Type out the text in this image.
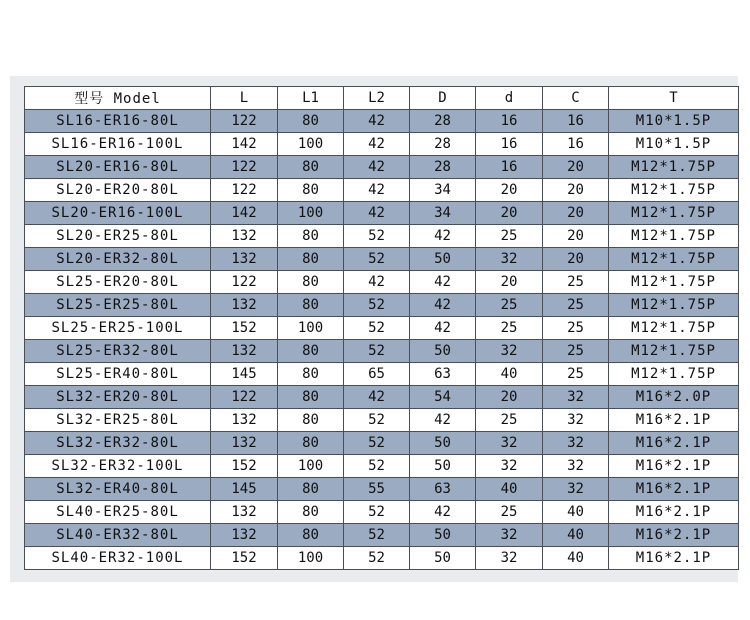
型号 Model	L	L1	L2	D	d	C	T
SL16-ER16-80L	122	80	42	28	16	16	M10*1.5P
SL16-ER16-100L	142	100	42	28	16	16	M10*1.5P
SL20-ER16-80L	122	80	42	28	16	20	M12*1.75P
SL20-ER20-80L	122	80	42	34	20	20	M12*1.75P
SL20-ER16-100L	142	100	42	34	20	20	M12*1.75P
SL20-ER25-80L	132	80	52	42	25	20	M12*1.75P
SL20-ER32-80L	132	80	52	50	32	20	M12*1.75P
SL25-ER20-80L	122	80	42	42	20	25	M12*1.75P
SL25-ER25-80L	132	80	52	42	25	25	M12*1.75P
SL25-ER25-100L	152	100	52	42	25	25	M12*1.75P
SL25-ER32-80L	132	80	52	50	32	25	M12*1.75P
SL25-ER40-80L	145	80	65	63	40	25	M12*1.75P
SL32-ER20-80L	122	80	42	54	20	32	M16*2.0P
SL32-ER25-80L	132	80	52	42	25	32	M16*2.1P
SL32-ER32-80L	132	80	52	50	32	32	M16*2.1P
SL32-ER32-100L	152	100	52	50	32	32	M16*2.1P
SL32-ER40-80L	145	80	55	63	40	32	M16*2.1P
SL40-ER25-80L	132	80	52	42	25	40	M16*2.1P
SL40-ER32-80L	132	80	52	50	32	40	M16*2.1P
SL40-ER32-100L	152	100	52	50	32	40	M16*2.1P
